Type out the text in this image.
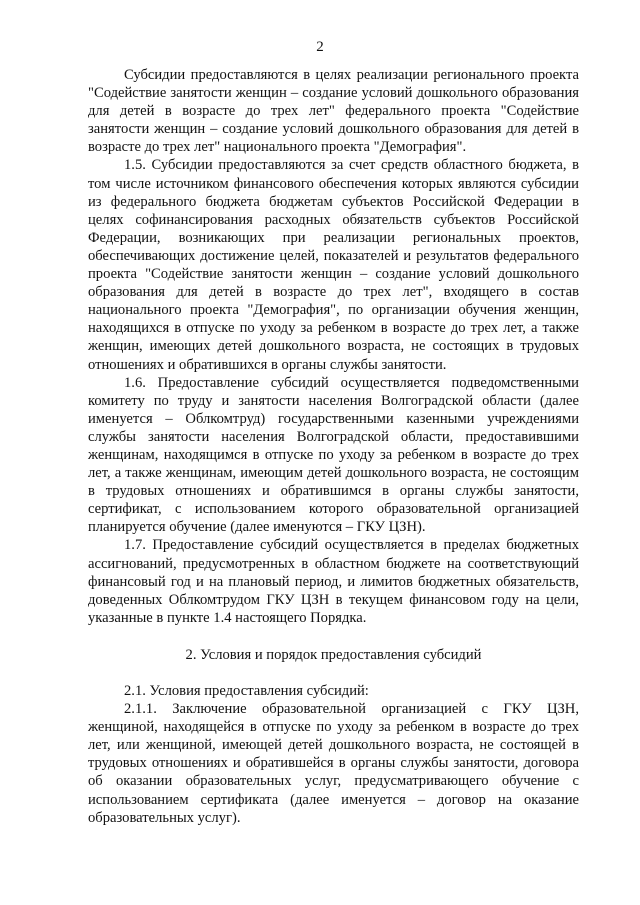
2

Субсидии предоставляются в целях реализации регионального проекта "Содействие занятости женщин – создание условий дошкольного образования для детей в возрасте до трех лет" федерального проекта "Содействие занятости женщин – создание условий дошкольного образования для детей в возрасте до трех лет" национального проекта "Демография".

1.5. Субсидии предоставляются за счет средств областного бюджета, в том числе источником финансового обеспечения которых являются субсидии из федерального бюджета бюджетам субъектов Российской Федерации в целях софинансирования расходных обязательств субъектов Российской Федерации, возникающих при реализации региональных проектов, обеспечивающих достижение целей, показателей и результатов федерального проекта "Содействие занятости женщин – создание условий дошкольного образования для детей в возрасте до трех лет", входящего в состав национального проекта "Демография", по организации обучения женщин, находящихся в отпуске по уходу за ребенком в возрасте до трех лет, а также женщин, имеющих детей дошкольного возраста, не состоящих в трудовых отношениях и обратившихся в органы службы занятости.

1.6. Предоставление субсидий осуществляется подведомственными комитету по труду и занятости населения Волгоградской области (далее именуется – Облкомтруд) государственными казенными учреждениями службы занятости населения Волгоградской области, предоставившими женщинам, находящимся в отпуске по уходу за ребенком в возрасте до трех лет, а также женщинам, имеющим детей дошкольного возраста, не состоящим в трудовых отношениях и обратившимся в органы службы занятости, сертификат, с использованием которого образовательной организацией планируется обучение (далее именуются – ГКУ ЦЗН).

1.7. Предоставление субсидий осуществляется в пределах бюджетных ассигнований, предусмотренных в областном бюджете на соответствующий финансовый год и на плановый период, и лимитов бюджетных обязательств, доведенных Облкомтрудом ГКУ ЦЗН в текущем финансовом году на цели, указанные в пункте 1.4 настоящего Порядка.

2. Условия и порядок предоставления субсидий

2.1. Условия предоставления субсидий:

2.1.1. Заключение образовательной организацией с ГКУ ЦЗН, женщиной, находящейся в отпуске по уходу за ребенком в возрасте до трех лет, или женщиной, имеющей детей дошкольного возраста, не состоящей в трудовых отношениях и обратившейся в органы службы занятости, договора об оказании образовательных услуг, предусматривающего обучение с использованием сертификата (далее именуется – договор на оказание образовательных услуг).
